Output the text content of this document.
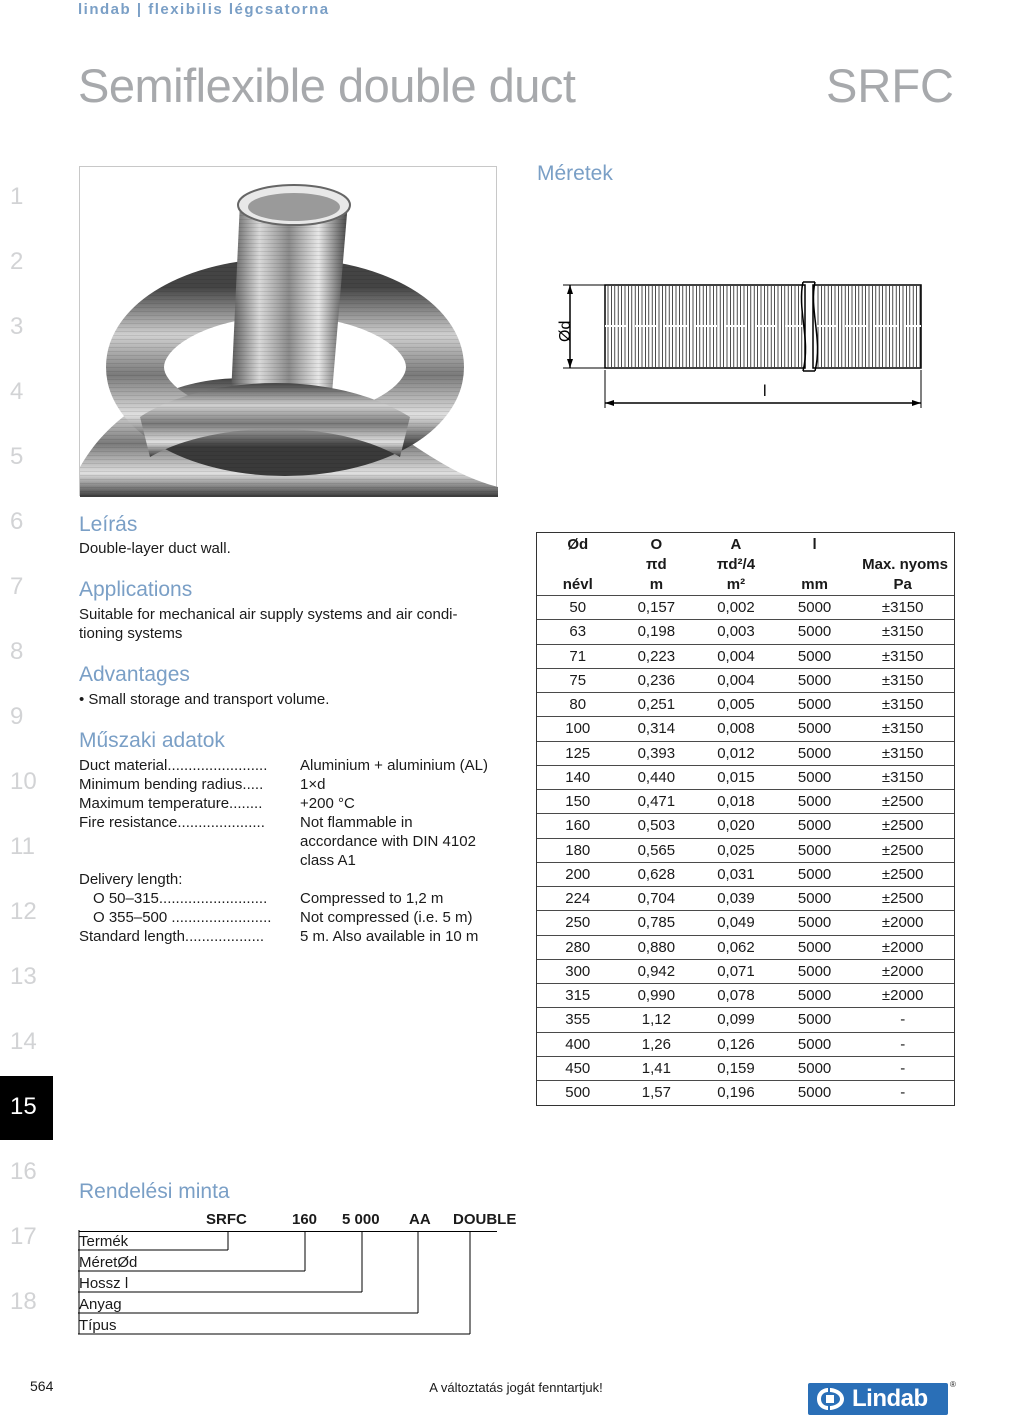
lindab | flexibilis légcsatorna
Semiflexible double duct	SRFC
1
2
3
4
5
6
7
8
9
10
11
12
13
14
15
16
17
18
Leírás
Double-layer duct wall.
Applications
Suitable for mechanical air supply systems and air condi-
tioning systems
Advantages
• Small storage and transport volume.
Műszaki adatok
Duct material........................	Aluminium + aluminium (AL)
Minimum bending radius.....	1×d
Maximum temperature........	+200 °C
Fire resistance.....................	Not flammable in
accordance with DIN 4102
class A1
Delivery length:
O 50–315..........................	Compressed to 1,2 m
O 355–500 ........................	Not compressed (i.e. 5 m)
Standard length...................	5 m. Also available in 10 m
Méretek
Ød
l
Ød	O	A	l	
	πd	πd²/4		Max. nyoms
névl	m	m²	mm	Pa
50	0,157	0,002	5000	±3150
63	0,198	0,003	5000	±3150
71	0,223	0,004	5000	±3150
75	0,236	0,004	5000	±3150
80	0,251	0,005	5000	±3150
100	0,314	0,008	5000	±3150
125	0,393	0,012	5000	±3150
140	0,440	0,015	5000	±3150
150	0,471	0,018	5000	±2500
160	0,503	0,020	5000	±2500
180	0,565	0,025	5000	±2500
200	0,628	0,031	5000	±2500
224	0,704	0,039	5000	±2500
250	0,785	0,049	5000	±2000
280	0,880	0,062	5000	±2000
300	0,942	0,071	5000	±2000
315	0,990	0,078	5000	±2000
355	1,12	0,099	5000	-
400	1,26	0,126	5000	-
450	1,41	0,159	5000	-
500	1,57	0,196	5000	-
Rendelési minta
SRFC	160 5 000 AA DOUBLE
Termék
MéretØd
Hossz l
Anyag
Típus
564	A változtatás jogát fenntartjuk!	Lindab
®
